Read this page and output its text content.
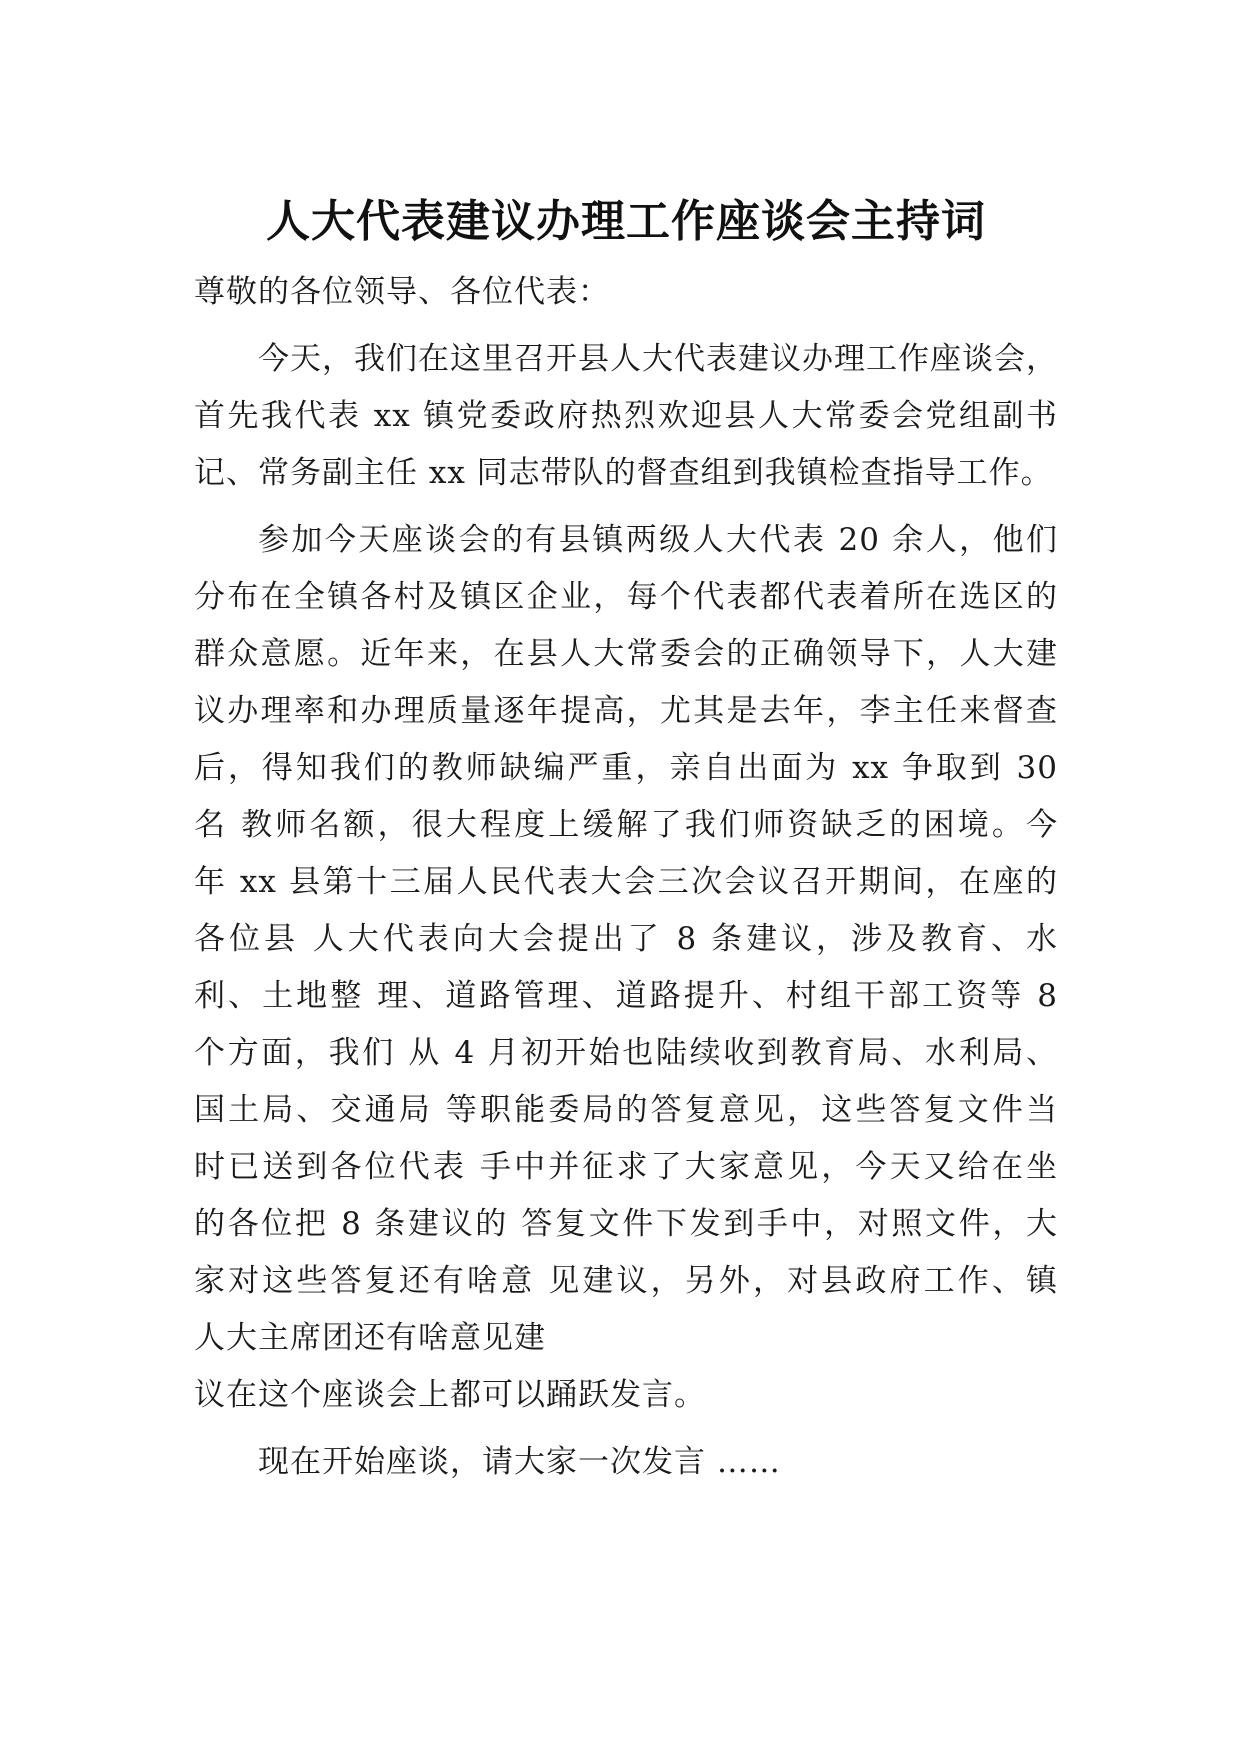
人大代表建议办理工作座谈会主持词
尊敬的各位领导、各位代表：
今天，我们在这里召开县人大代表建议办理工作座谈会，
首先我代表 xx 镇党委政府热烈欢迎县人大常委会党组副书
记、常务副主任 xx 同志带队的督查组到我镇检查指导工作。
参加今天座谈会的有县镇两级人大代表 20 余人，他们
分布在全镇各村及镇区企业，每个代表都代表着所在选区的
群众意愿。近年来，在县人大常委会的正确领导下，人大建
议办理率和办理质量逐年提高，尤其是去年，李主任来督查
后，得知我们的教师缺编严重，亲自出面为 xx 争取到 30
名 教师名额，很大程度上缓解了我们师资缺乏的困境。今
年 xx 县第十三届人民代表大会三次会议召开期间，在座的
各位县 人大代表向大会提出了 8 条建议，涉及教育、水
利、土地整 理、道路管理、道路提升、村组干部工资等 8
个方面，我们 从 4 月初开始也陆续收到教育局、水利局、
国土局、交通局 等职能委局的答复意见，这些答复文件当
时已送到各位代表 手中并征求了大家意见，今天又给在坐
的各位把 8 条建议的 答复文件下发到手中，对照文件，大
家对这些答复还有啥意 见建议，另外，对县政府工作、镇
人大主席团还有啥意见建
议在这个座谈会上都可以踊跃发言。
现在开始座谈，请大家一次发言 ……
